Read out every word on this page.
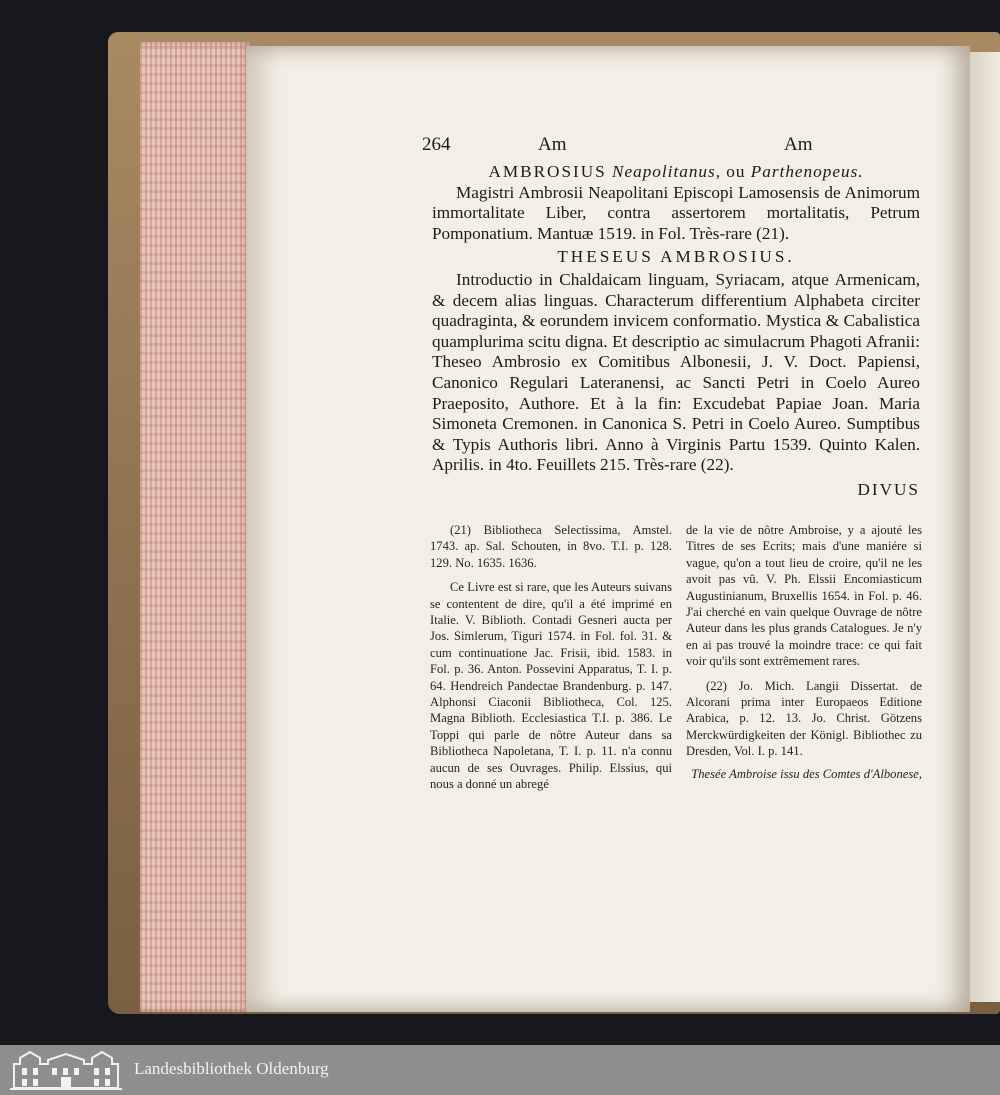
264	Am	Am

AMBROSIUS Neapolitanus, ou Parthenopeus.

Magistri Ambrosii Neapolitani Episcopi Lamosensis de Animorum immortalitate Liber, contra assertorem mortalitatis, Petrum Pomponatium. Mantuæ 1519. in Fol. Très-rare (21).

THESEUS AMBROSIUS.

Introductio in Chaldaicam linguam, Syriacam, atque Armenicam, & decem alias linguas. Characterum differentium Alphabeta circiter quadraginta, & eorundem invicem conformatio. Mystica & Cabalistica quamplurima scitu digna. Et descriptio ac simulacrum Phagoti Afranii: Theseo Ambrosio ex Comitibus Albonesii, J. V. Doct. Papiensi, Canonico Regulari Lateranensi, ac Sancti Petri in Coelo Aureo Praeposito, Authore. Et à la fin: Excudebat Papiae Joan. Maria Simoneta Cremonen. in Canonica S. Petri in Coelo Aureo. Sumptibus & Typis Authoris libri. Anno à Virginis Partu 1539. Quinto Kalen. Aprilis. in 4to. Feuillets 215. Très-rare (22).

DIVUS

(21) Bibliotheca Selectissima, Amstel. 1743. ap. Sal. Schouten, in 8vo. T.I. p. 128. 129. No. 1635. 1636.

Ce Livre est si rare, que les Auteurs suivans se contentent de dire, qu'il a été imprimé en Italie. V. Biblioth. Contadi Gesneri aucta per Jos. Simlerum, Tiguri 1574. in Fol. fol. 31. & cum continuatione Jac. Frisii, ibid. 1583. in Fol. p. 36. Anton. Possevini Apparatus, T. I. p. 64. Hendreich Pandectae Brandenburg. p. 147. Alphonsi Ciaconii Bibliotheca, Col. 125. Magna Biblioth. Ecclesiastica T.I. p. 386. Le Toppi qui parle de nôtre Auteur dans sa Bibliotheca Napoletana, T. I. p. 11. n'a connu aucun de ses Ouvrages. Philip. Elssius, qui nous a donné un abregé

de la vie de nôtre Ambroise, y a ajouté les Titres de ses Ecrits; mais d'une maniére si vague, qu'on a tout lieu de croire, qu'il ne les avoit pas vû. V. Ph. Elssii Encomiasticum Augustinianum, Bruxellis 1654. in Fol. p. 46. J'ai cherché en vain quelque Ouvrage de nôtre Auteur dans les plus grands Catalogues. Je n'y en ai pas trouvé la moindre trace: ce qui fait voir qu'ils sont extrêmement rares.

(22) Jo. Mich. Langii Dissertat. de Alcorani prima inter Europaeos Editione Arabica, p. 12. 13. Jo. Christ. Götzens Merckwürdigkeiten der Königl. Bibliothec zu Dresden, Vol. I. p. 141.

Thesée Ambroise issu des Comtes d'Albonese,

Landesbibliothek Oldenburg
